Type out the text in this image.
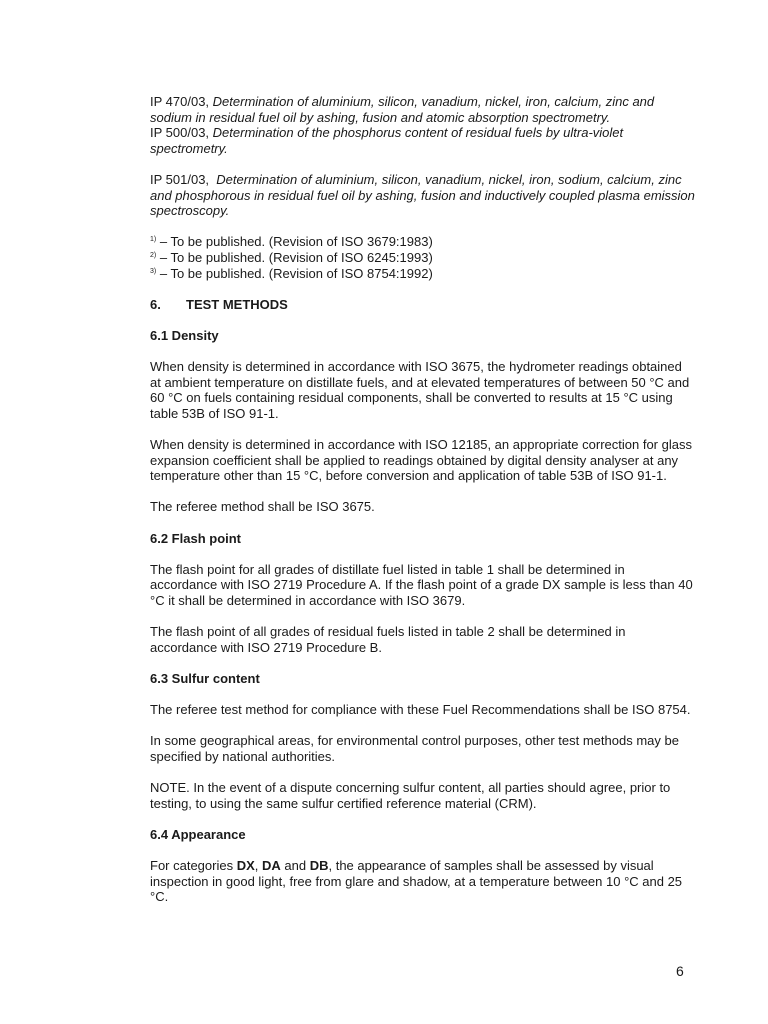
IP 470/03, Determination of aluminium, silicon, vanadium, nickel, iron, calcium, zinc and sodium in residual fuel oil by ashing, fusion and atomic absorption spectrometry.

IP 500/03, Determination of the phosphorus content of residual fuels by ultra-violet spectrometry.

IP 501/03, Determination of aluminium, silicon, vanadium, nickel, iron, sodium, calcium, zinc and phosphorous in residual fuel oil by ashing, fusion and inductively coupled plasma emission spectroscopy.

$^{1)}$ – To be published. (Revision of ISO 3679:1983)

$^{2)}$ – To be published. (Revision of ISO 6245:1993)

$^{3)}$ – To be published. (Revision of ISO 8754:1992)

6. TEST METHODS

6.1 Density

When density is determined in accordance with ISO 3675, the hydrometer readings obtained at ambient temperature on distillate fuels, and at elevated temperatures of between 50 °C and 60 °C on fuels containing residual components, shall be converted to results at 15 °C using table 53B of ISO 91-1.

When density is determined in accordance with ISO 12185, an appropriate correction for glass expansion coefficient shall be applied to readings obtained by digital density analyser at any temperature other than 15 °C, before conversion and application of table 53B of ISO 91-1.

The referee method shall be ISO 3675.

6.2 Flash point

The flash point for all grades of distillate fuel listed in table 1 shall be determined in accordance with ISO 2719 Procedure A. If the flash point of a grade DX sample is less than 40 °C it shall be determined in accordance with ISO 3679.

The flash point of all grades of residual fuels listed in table 2 shall be determined in accordance with ISO 2719 Procedure B.

6.3 Sulfur content

The referee test method for compliance with these Fuel Recommendations shall be ISO 8754.

In some geographical areas, for environmental control purposes, other test methods may be specified by national authorities.

NOTE. In the event of a dispute concerning sulfur content, all parties should agree, prior to testing, to using the same sulfur certified reference material (CRM).

6.4 Appearance

For categories DX, DA and DB, the appearance of samples shall be assessed by visual inspection in good light, free from glare and shadow, at a temperature between 10 °C and 25 °C.

6
